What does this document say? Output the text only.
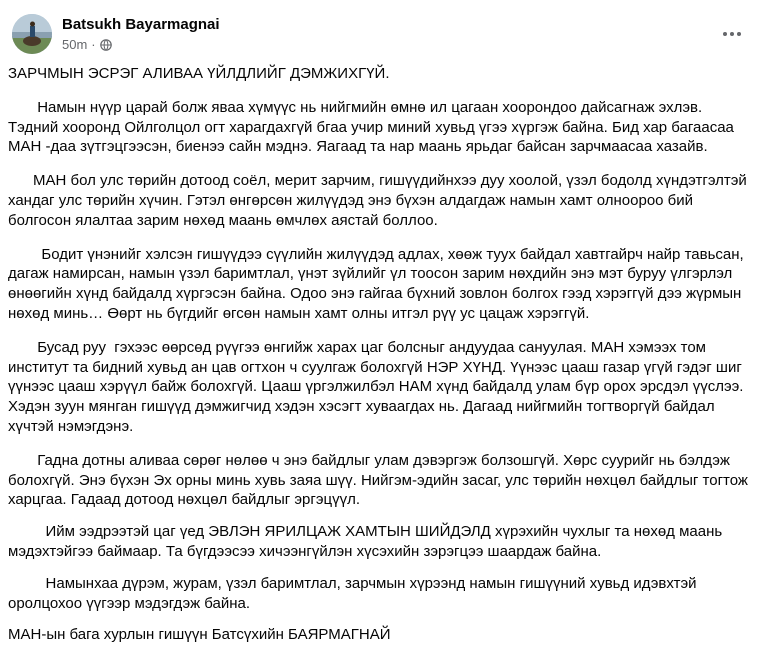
Batsukh Bayarmagnai
50m ·

ЗАРЧМЫН ЭСРЭГ АЛИВАА ҮЙЛДЛИЙГ ДЭМЖИХГҮЙ.

Намын нүүр царай болж яваа хүмүүс нь нийгмийн өмнө ил цагаан хоорондоо дайсагнаж эхлэв. Тэдний хооронд Ойлголцол огт харагдахгүй бгаа учир миний хувьд үгээ хүргэж байна. Бид хар багаасаа МАН -даа зүтгэцгээсэн, биенээ сайн мэднэ. Яагаад та нар маань ярьдаг байсан зарчмаасаа хазайв.

МАН бол улс төрийн дотоод соёл, мерит зарчим, гишүүдийнхээ дуу хоолой, үзэл бодолд хүндэтгэлтэй хандаг улс төрийн хүчин. Гэтэл өнгөрсөн жилүүдэд энэ бүхэн алдагдаж намын хамт олноороо бий болгосон ялалтаа зарим нөхөд маань өмчлөх аястай боллоо.

Бодит үнэнийг хэлсэн гишүүдээ сүүлийн жилүүдэд адлах, хөөж туух байдал хавтгайрч найр тавьсан, дагаж намирсан, намын үзэл баримтлал, үнэт зүйлийг үл тоосон зарим нөхдийн энэ мэт буруу үлгэрлэл өнөөгийн хүнд байдалд хүргэсэн байна. Одоо энэ гайгаа бүхний зовлон болгох гээд хэрэггүй дээ жүрмын нөхөд минь… Өөрт нь бүгдийг өгсөн намын хамт олны итгэл рүү ус цацаж хэрэггүй.

Бусад руу  гэхээс өөрсөд рүүгээ өнгийж харах цаг болсныг андуудаа сануулая. МАН хэмээх том институт та бидний хувьд ан цав огтхон ч суулгаж болохгүй НЭР ХҮНД. Үүнээс цааш газар үгүй гэдэг шиг үүнээс цааш хэрүүл байж болохгүй. Цааш үргэлжилбэл НАМ хүнд байдалд улам бүр орох эрсдэл үүслээ. Хэдэн зуун мянган гишүүд дэмжигчид хэдэн хэсэгт хуваагдах нь. Дагаад нийгмийн тогтворгүй байдал хүчтэй нэмэгдэнэ.

Гадна дотны аливаа сөрөг нөлөө ч энэ байдлыг улам дэвэргэж болзошгүй. Хөрс суурийг нь бэлдэж болохгүй. Энэ бүхэн Эх орны минь хувь заяа шүү. Нийгэм-эдийн засаг, улс төрийн нөхцөл байдлыг тогтож харцгаа. Гадаад дотоод нөхцөл байдлыг эргэцүүл.

Ийм ээдрээтэй цаг үед ЭВЛЭН ЯРИЛЦАЖ ХАМТЫН ШИЙДЭЛД хүрэхийн чухлыг та нөхөд маань мэдэхтэйгээ баймаар. Та бүгдээсээ хичээнгүйлэн хүсэхийн зэрэгцээ шаардаж байна.

Намынхаа дүрэм, журам, үзэл баримтлал, зарчмын хүрээнд намын гишүүний хувьд идэвхтэй оролцохоо үүгээр мэдэгдэж байна.

МАН-ын бага хурлын гишүүн Батсүхийн БАЯРМАГНАЙ
